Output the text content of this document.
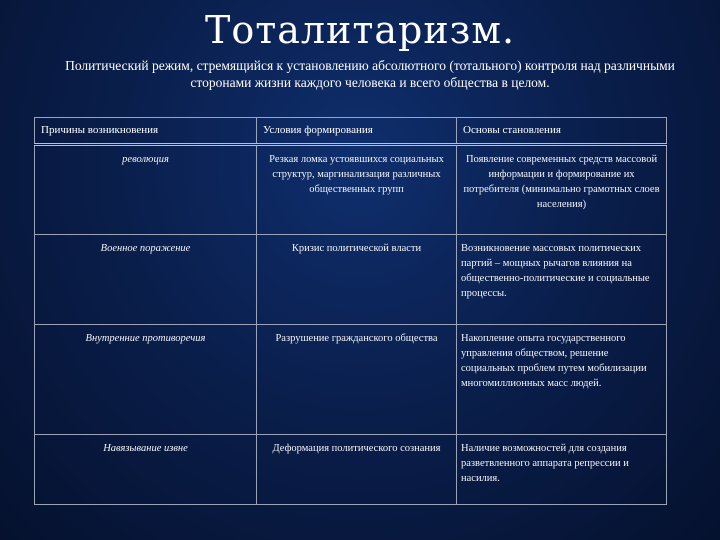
Тоталитаризм.
Политический режим, стремящийся к установлению абсолютного (тотального) контроля над различными сторонами жизни каждого человека и всего общества в целом.
Причины возникновения	Условия формирования	Основы становления
революция	Резкая ломка устоявшихся социальных структур, маргинализация различных общественных групп	Появление современных средств массовой информации и формирование их потребителя (минимально грамотных слоев населения)
Военное поражение	Кризис политической власти	Возникновение массовых политических партий – мощных рычагов влияния на общественно-политические и социальные процессы.
Внутренние противоречия	Разрушение гражданского общества	Накопление опыта государственного управления обществом, решение социальных проблем путем мобилизации многомиллионных масс людей.
Навязывание извне	Деформация политического сознания	Наличие возможностей для создания разветвленного аппарата репрессии и насилия.
